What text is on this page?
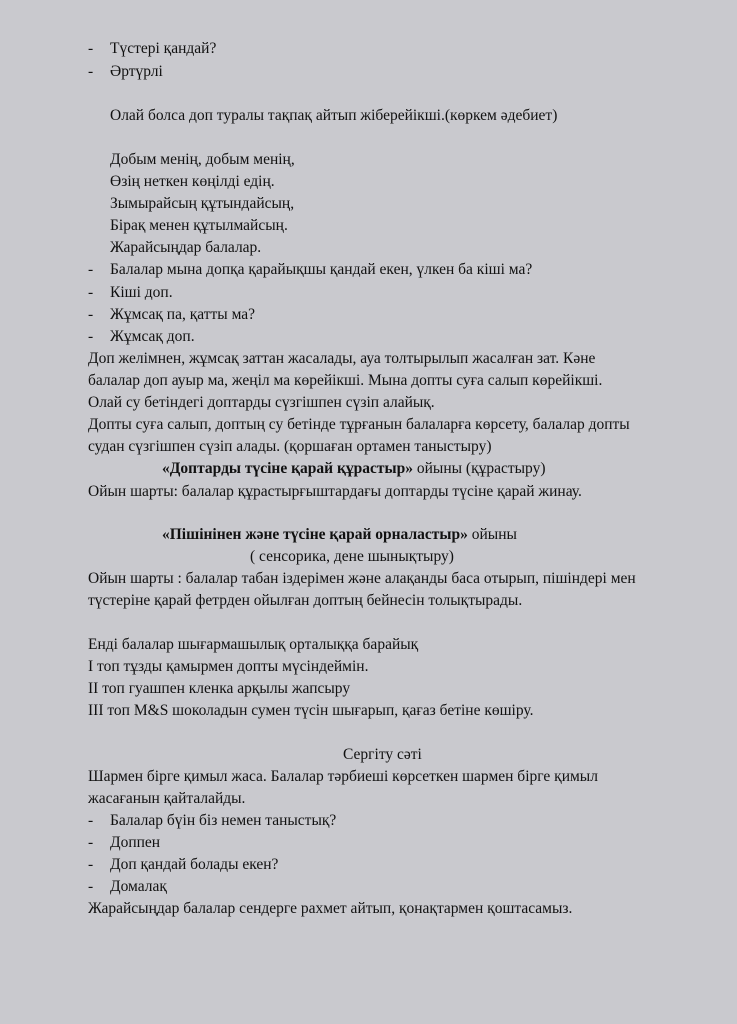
- Түстері қандай?
- Әртүрлі
Олай болса доп туралы тақпақ айтып жіберейікші.(көркем әдебиет)
Добым менің, добым менің,
Өзің неткен көңілді едің.
Зымырайсың құтындайсың,
Бірақ менен құтылмайсың.
Жарайсыңдар балалар.
- Балалар мына допқа қарайықшы қандай екен, үлкен ба кіші ма?
- Кіші доп.
- Жұмсақ па, қатты ма?
- Жұмсақ доп.
Доп желімнен, жұмсақ заттан жасалады, ауа толтырылып жасалған зат. Кәне
балалар доп ауыр ма, жеңіл ма көрейікші. Мына допты суға салып көрейікші.
Олай су бетіндегі доптарды сүзгішпен сүзіп алайық.
Допты суға салып, доптың су бетінде тұрғанын балаларға көрсету, балалар допты
судан сүзгішпен сүзіп алады. (қоршаған ортамен таныстыру)
«Доптарды түсіне қарай құрастыр» ойыны (құрастыру)
Ойын шарты: балалар құрастырғыштардағы доптарды түсіне қарай жинау.
«Пішінінен және түсіне қарай орналастыр» ойыны
( сенсорика, дене шынықтыру)
Ойын шарты : балалар табан іздерімен және алақанды баса отырып, пішіндері мен
түстеріне қарай фетрден ойылған доптың бейнесін толықтырады.
Енді балалар шығармашылық орталыққа барайық
І топ тұзды қамырмен допты мүсіндеймін.
ІІ топ гуашпен кленка арқылы жапсыру
ІІІ топ M&S шоколадын сумен түсін шығарып, қағаз бетіне көшіру.
Сергіту сәті
Шармен бірге қимыл жаса. Балалар тәрбиеші көрсеткен шармен бірге қимыл
жасағанын қайталайды.
- Балалар бүін біз немен таныстық?
- Доппен
- Доп қандай болады екен?
- Домалақ
Жарайсыңдар балалар сендерге рахмет айтып, қонақтармен қоштасамыз.
